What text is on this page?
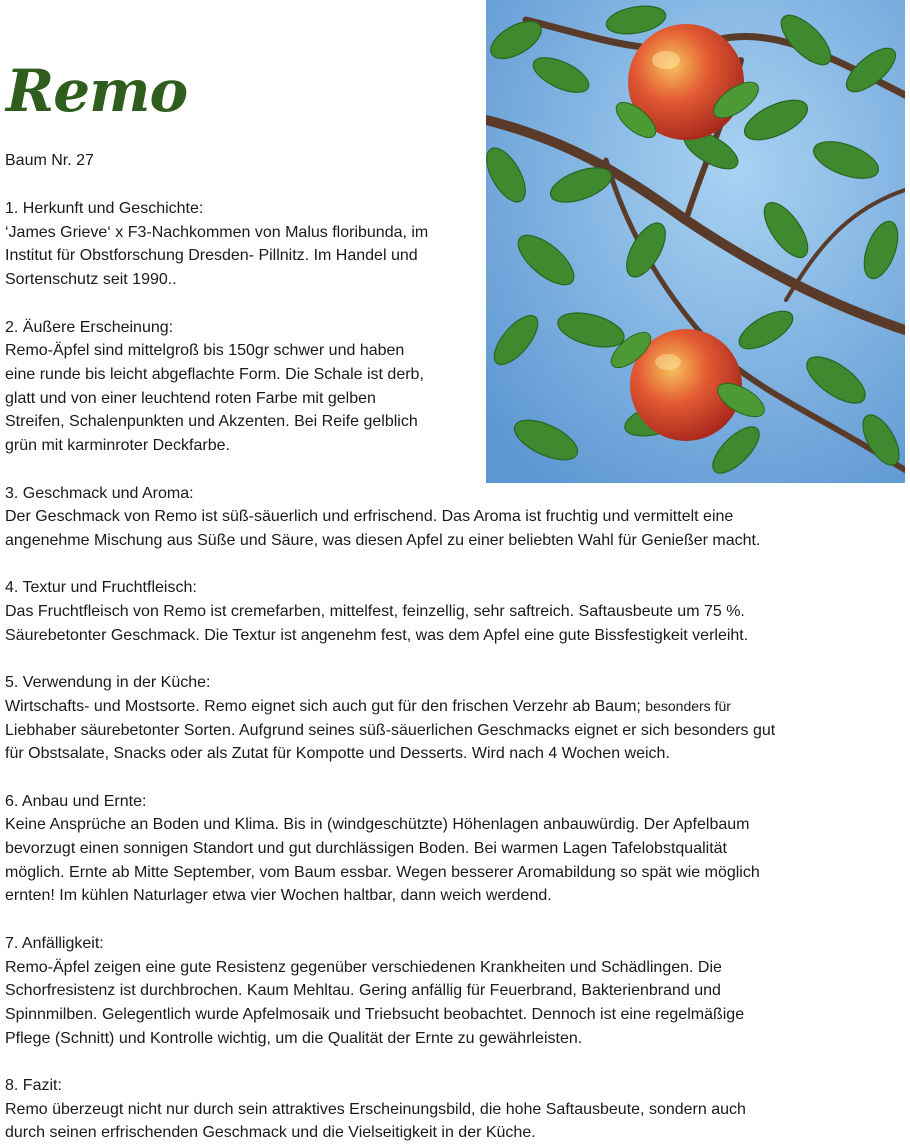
Remo
Baum Nr. 27
1. Herkunft und Geschichte:
‘James Grieve‘ x F3-Nachkommen von Malus floribunda, im
Institut für Obstforschung Dresden- Pillnitz. Im Handel und
Sortenschutz seit 1990..
2. Äußere Erscheinung:
Remo-Äpfel sind mittelgroß bis 150gr schwer und haben
eine runde bis leicht abgeflachte Form. Die Schale ist derb,
glatt und von einer leuchtend roten Farbe mit gelben
Streifen, Schalenpunkten und Akzenten. Bei Reife gelblich
grün mit karminroter Deckfarbe.
3. Geschmack und Aroma:
Der Geschmack von Remo ist süß-säuerlich und erfrischend. Das Aroma ist fruchtig und vermittelt eine
angenehme Mischung aus Süße und Säure, was diesen Apfel zu einer beliebten Wahl für Genießer macht.
4. Textur und Fruchtfleisch:
Das Fruchtfleisch von Remo ist cremefarben, mittelfest, feinzellig, sehr saftreich. Saftausbeute um 75 %.
Säurebetonter Geschmack. Die Textur ist angenehm fest, was dem Apfel eine gute Bissfestigkeit verleiht.
5. Verwendung in der Küche:
Wirtschafts- und Mostsorte. Remo eignet sich auch gut für den frischen Verzehr ab Baum; besonders für
Liebhaber säurebetonter Sorten. Aufgrund seines süß-säuerlichen Geschmacks eignet er sich besonders gut
für Obstsalate, Snacks oder als Zutat für Kompotte und Desserts. Wird nach 4 Wochen weich.
6. Anbau und Ernte:
Keine Ansprüche an Boden und Klima. Bis in (windgeschützte) Höhenlagen anbauwürdig. Der Apfelbaum
bevorzugt einen sonnigen Standort und gut durchlässigen Boden. Bei warmen Lagen Tafelobstqualität
möglich. Ernte ab Mitte September, vom Baum essbar. Wegen besserer Aromabildung so spät wie möglich
ernten! Im kühlen Naturlager etwa vier Wochen haltbar, dann weich werdend.
7. Anfälligkeit:
Remo-Äpfel zeigen eine gute Resistenz gegenüber verschiedenen Krankheiten und Schädlingen. Die
Schorfresistenz ist durchbrochen. Kaum Mehltau. Gering anfällig für Feuerbrand, Bakterienbrand und
Spinnmilben. Gelegentlich wurde Apfelmosaik und Triebsucht beobachtet. Dennoch ist eine regelmäßige
Pflege (Schnitt) und Kontrolle wichtig, um die Qualität der Ernte zu gewährleisten.
8. Fazit:
Remo überzeugt nicht nur durch sein attraktives Erscheinungsbild, die hohe Saftausbeute, sondern auch
durch seinen erfrischenden Geschmack und die Vielseitigkeit in der Küche.
